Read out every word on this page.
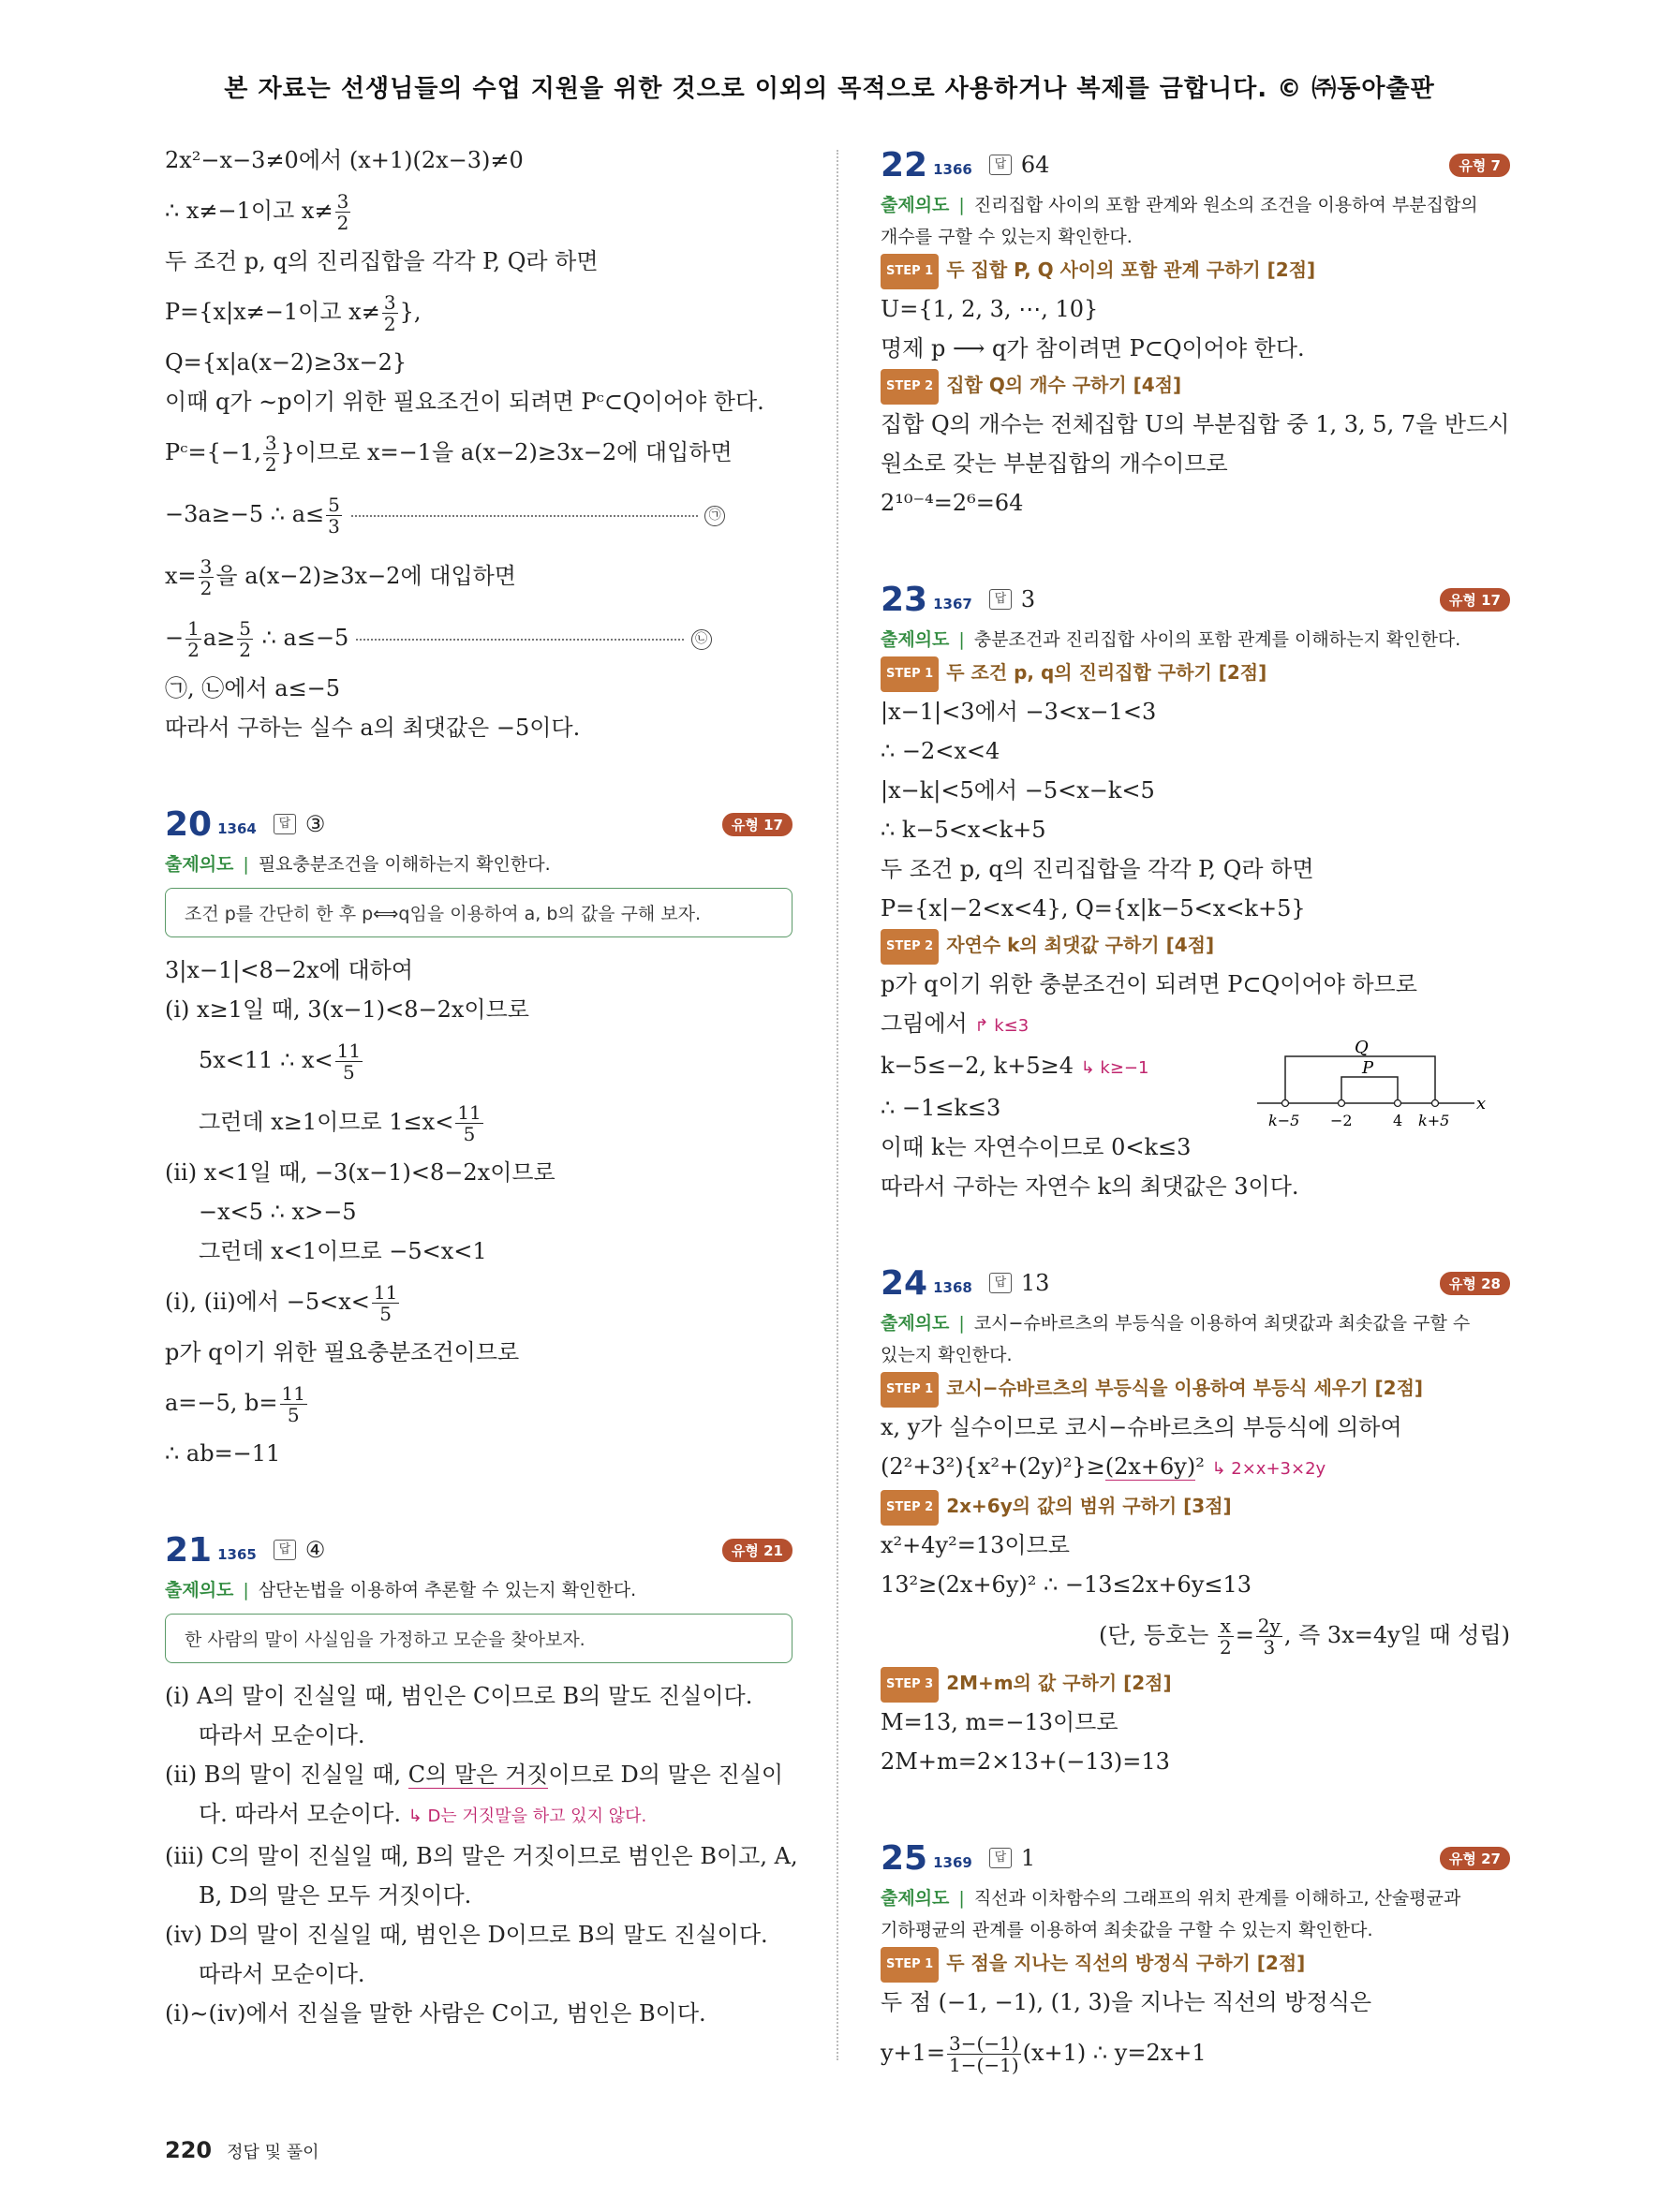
본 자료는 선생님들의 수업 지원을 위한 것으로 이외의 목적으로 사용하거나 복제를 금합니다. © ㈜동아출판
2x²−x−3≠0에서 (x+1)(2x−3)≠0
∴ x≠−1이고 $x\ne \frac{3}{2}$
두 조건 p, q의 진리집합을 각각 P, Q라 하면
P={x|x≠−1이고 $x\ne \frac{3}{2}$ },
Q={x|a(x−2)≥3x−2}
이때 q가 ∼p이기 위한 필요조건이 되려면 Pᶜ⊂Q이어야 한다.
Pᶜ={−1, $\frac{3}{2}$ }이므로 x=−1을 a(x−2)≥3x−2에 대입하면
−3a≥−5 ∴ $a\le \frac{5}{3}$	㉠
$x= \frac{3}{2}$ 을 a(x−2)≥3x−2에 대입하면
− $\frac{1}{2} a\ge \frac{5}{2}$ ∴ a≤−5	㉡
㉠, ㉡에서 a≤−5
따라서 구하는 실수 a의 최댓값은 −5이다.
20 1364	답 ③	유형 17
출제의도 | 필요충분조건을 이해하는지 확인한다.
조건 p를 간단히 한 후 p⟺q임을 이용하여 a, b의 값을 구해 보자.
3|x−1|<8−2x에 대하여
(i) x≥1일 때, 3(x−1)<8−2x이므로
5x<11 ∴ $x< \frac{11}{5}$
그런데 x≥1이므로 $1\le x< \frac{11}{5}$
(ii) x<1일 때, −3(x−1)<8−2x이므로
−x<5 ∴ x>−5
그런데 x<1이므로 −5<x<1
(i), (ii)에서 $-5<x< \frac{11}{5}$
p가 q이기 위한 필요충분조건이므로
a=−5, $b= \frac{11}{5}$
∴ ab=−11
21 1365	답 ④	유형 21
출제의도 | 삼단논법을 이용하여 추론할 수 있는지 확인한다.
한 사람의 말이 사실임을 가정하고 모순을 찾아보자.
(i) A의 말이 진실일 때, 범인은 C이므로 B의 말도 진실이다.
따라서 모순이다.
(ii) B의 말이 진실일 때, C의 말은 거짓이므로 D의 말은 진실이
다. 따라서 모순이다. ↳ D는 거짓말을 하고 있지 않다.
(iii) C의 말이 진실일 때, B의 말은 거짓이므로 범인은 B이고, A,
B, D의 말은 모두 거짓이다.
(iv) D의 말이 진실일 때, 범인은 D이므로 B의 말도 진실이다.
따라서 모순이다.
(i)∼(iv)에서 진실을 말한 사람은 C이고, 범인은 B이다.
22 1366	답 64	유형 7
출제의도 | 진리집합 사이의 포함 관계와 원소의 조건을 이용하여 부분집합의
개수를 구할 수 있는지 확인한다.
STEP 1 두 집합 P, Q 사이의 포함 관계 구하기 [2점]
U={1, 2, 3, ⋯, 10}
명제 p ⟶ q가 참이려면 P⊂Q이어야 한다.
STEP 2 집합 Q의 개수 구하기 [4점]
집합 Q의 개수는 전체집합 U의 부분집합 중 1, 3, 5, 7을 반드시
원소로 갖는 부분집합의 개수이므로
2¹⁰⁻⁴=2⁶=64
23 1367	답 3	유형 17
출제의도 | 충분조건과 진리집합 사이의 포함 관계를 이해하는지 확인한다.
STEP 1 두 조건 p, q의 진리집합 구하기 [2점]
|x−1|<3에서 −3<x−1<3
∴ −2<x<4
|x−k|<5에서 −5<x−k<5
∴ k−5<x<k+5
두 조건 p, q의 진리집합을 각각 P, Q라 하면
P={x|−2<x<4}, Q={x|k−5<x<k+5}
STEP 2 자연수 k의 최댓값 구하기 [4점]
p가 q이기 위한 충분조건이 되려면 P⊂Q이어야 하므로
그림에서 ↱ k≤3
k−5≤−2, k+5≥4 ↳ k≥−1
∴ −1≤k≤3
이때 k는 자연수이므로 0<k≤3
따라서 구하는 자연수 k의 최댓값은 3이다.
Q
P
k−5 −2	4 k+5
x
24 1368	답 13	유형 28
출제의도 | 코시−슈바르츠의 부등식을 이용하여 최댓값과 최솟값을 구할 수
있는지 확인한다.
STEP 1 코시−슈바르츠의 부등식을 이용하여 부등식 세우기 [2점]
x, y가 실수이므로 코시−슈바르츠의 부등식에 의하여
(2²+3²){x²+(2y)²}≥(2x+6y)² ↳ 2×x+3×2y
STEP 2 2x+6y의 값의 범위 구하기 [3점]
x²+4y²=13이므로
13²≥(2x+6y)² ∴ −13≤2x+6y≤13
(단, 등호는 $\frac{x}{2} = \frac{2y}{3}$ , 즉 3x=4y일 때 성립)
STEP 3 2M+m의 값 구하기 [2점]
M=13, m=−13이므로
2M+m=2×13+(−13)=13
25 1369	답 1	유형 27
출제의도 | 직선과 이차함수의 그래프의 위치 관계를 이해하고, 산술평균과
기하평균의 관계를 이용하여 최솟값을 구할 수 있는지 확인한다.
STEP 1 두 점을 지나는 직선의 방정식 구하기 [2점]
두 점 (−1, −1), (1, 3)을 지나는 직선의 방정식은
$y+1= \frac{3-(-1)}{1-(-1)} (x+1)$ ∴ y=2x+1
220 정답 및 풀이
